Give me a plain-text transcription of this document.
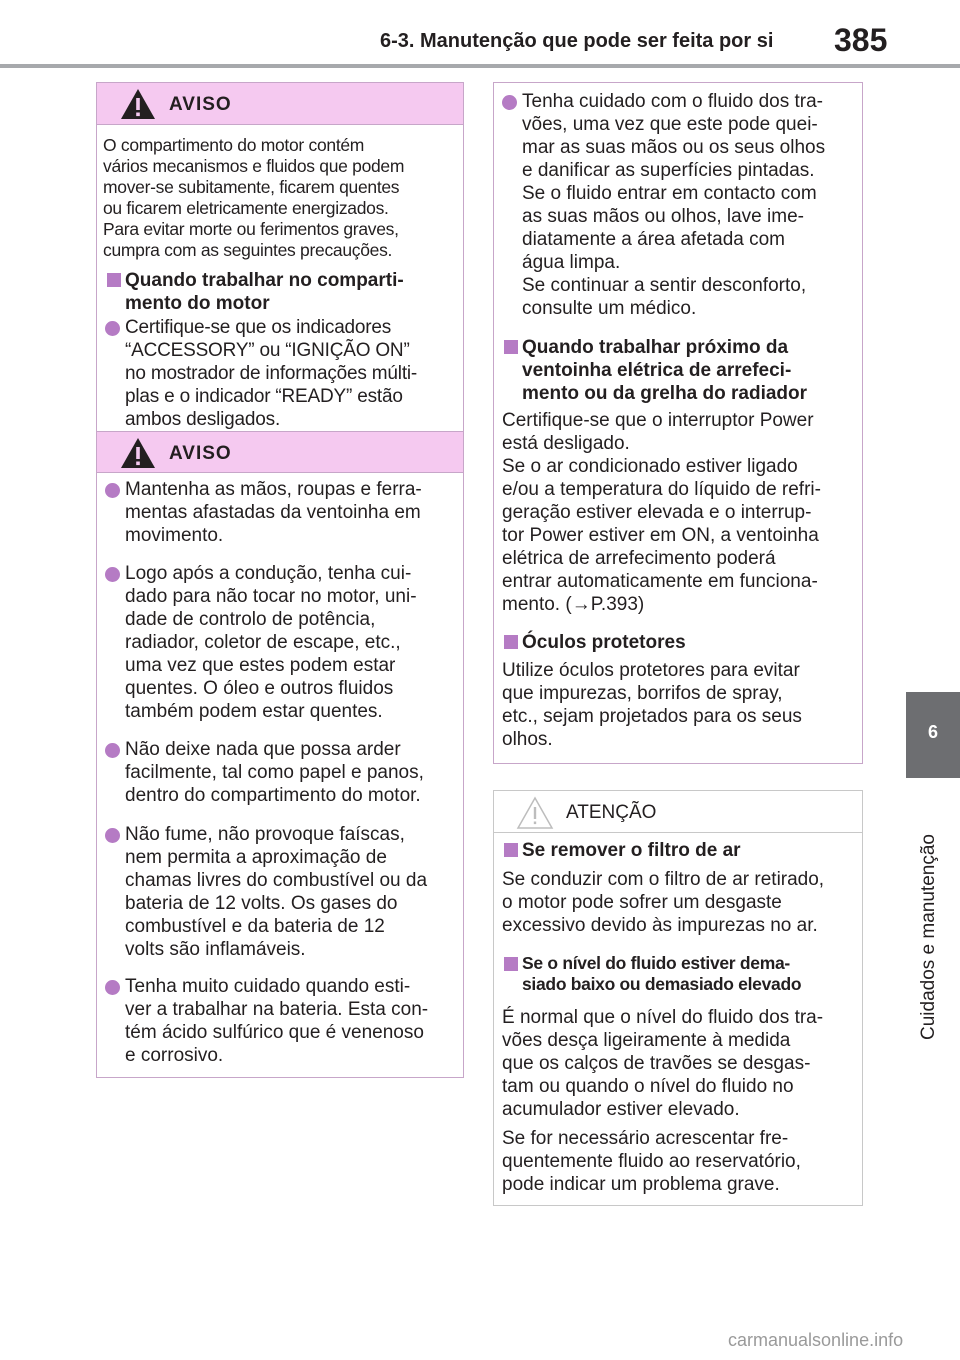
6-3. Manutenção que pode ser feita por si 385
6
Cuidados e manutenção
AVISO
O compartimento do motor contém
vários mecanismos e fluidos que podem
mover-se subitamente, ficarem quentes
ou ficarem eletricamente energizados.
Para evitar morte ou ferimentos graves,
cumpra com as seguintes precauções.
Quando trabalhar no comparti-
mento do motor
Certifique-se que os indicadores
“ACCESSORY” ou “IGNIÇÃO ON”
no mostrador de informações múlti-
plas e o indicador “READY” estão
ambos desligados.
AVISO
Mantenha as mãos, roupas e ferra-
mentas afastadas da ventoinha em
movimento.
Logo após a condução, tenha cui-
dado para não tocar no motor, uni-
dade de controlo de potência,
radiador, coletor de escape, etc.,
uma vez que estes podem estar
quentes. O óleo e outros fluidos
também podem estar quentes.
Não deixe nada que possa arder
facilmente, tal como papel e panos,
dentro do compartimento do motor.
Não fume, não provoque faíscas,
nem permita a aproximação de
chamas livres do combustível ou da
bateria de 12 volts. Os gases do
combustível e da bateria de 12
volts são inflamáveis.
Tenha muito cuidado quando esti-
ver a trabalhar na bateria. Esta con-
tém ácido sulfúrico que é venenoso
e corrosivo.
Tenha cuidado com o fluido dos tra-
vões, uma vez que este pode quei-
mar as suas mãos ou os seus olhos
e danificar as superfícies pintadas.
Se o fluido entrar em contacto com
as suas mãos ou olhos, lave ime-
diatamente a área afetada com
água limpa.
Se continuar a sentir desconforto,
consulte um médico.
Quando trabalhar próximo da
ventoinha elétrica de arrefeci-
mento ou da grelha do radiador
Certifique-se que o interruptor Power
está desligado.
Se o ar condicionado estiver ligado
e/ou a temperatura do líquido de refri-
geração estiver elevada e o interrup-
tor Power estiver em ON, a ventoinha
elétrica de arrefecimento poderá
entrar automaticamente em funciona-
mento. (→P.393)
Óculos protetores
Utilize óculos protetores para evitar
que impurezas, borrifos de spray,
etc., sejam projetados para os seus
olhos.
ATENÇÃO
Se remover o filtro de ar
Se conduzir com o filtro de ar retirado,
o motor pode sofrer um desgaste
excessivo devido às impurezas no ar.
Se o nível do fluido estiver dema-
siado baixo ou demasiado elevado
É normal que o nível do fluido dos tra-
vões desça ligeiramente à medida
que os calços de travões se desgas-
tam ou quando o nível do fluido no
acumulador estiver elevado.
Se for necessário acrescentar fre-
quentemente fluido ao reservatório,
pode indicar um problema grave.
carmanualsonline.info
